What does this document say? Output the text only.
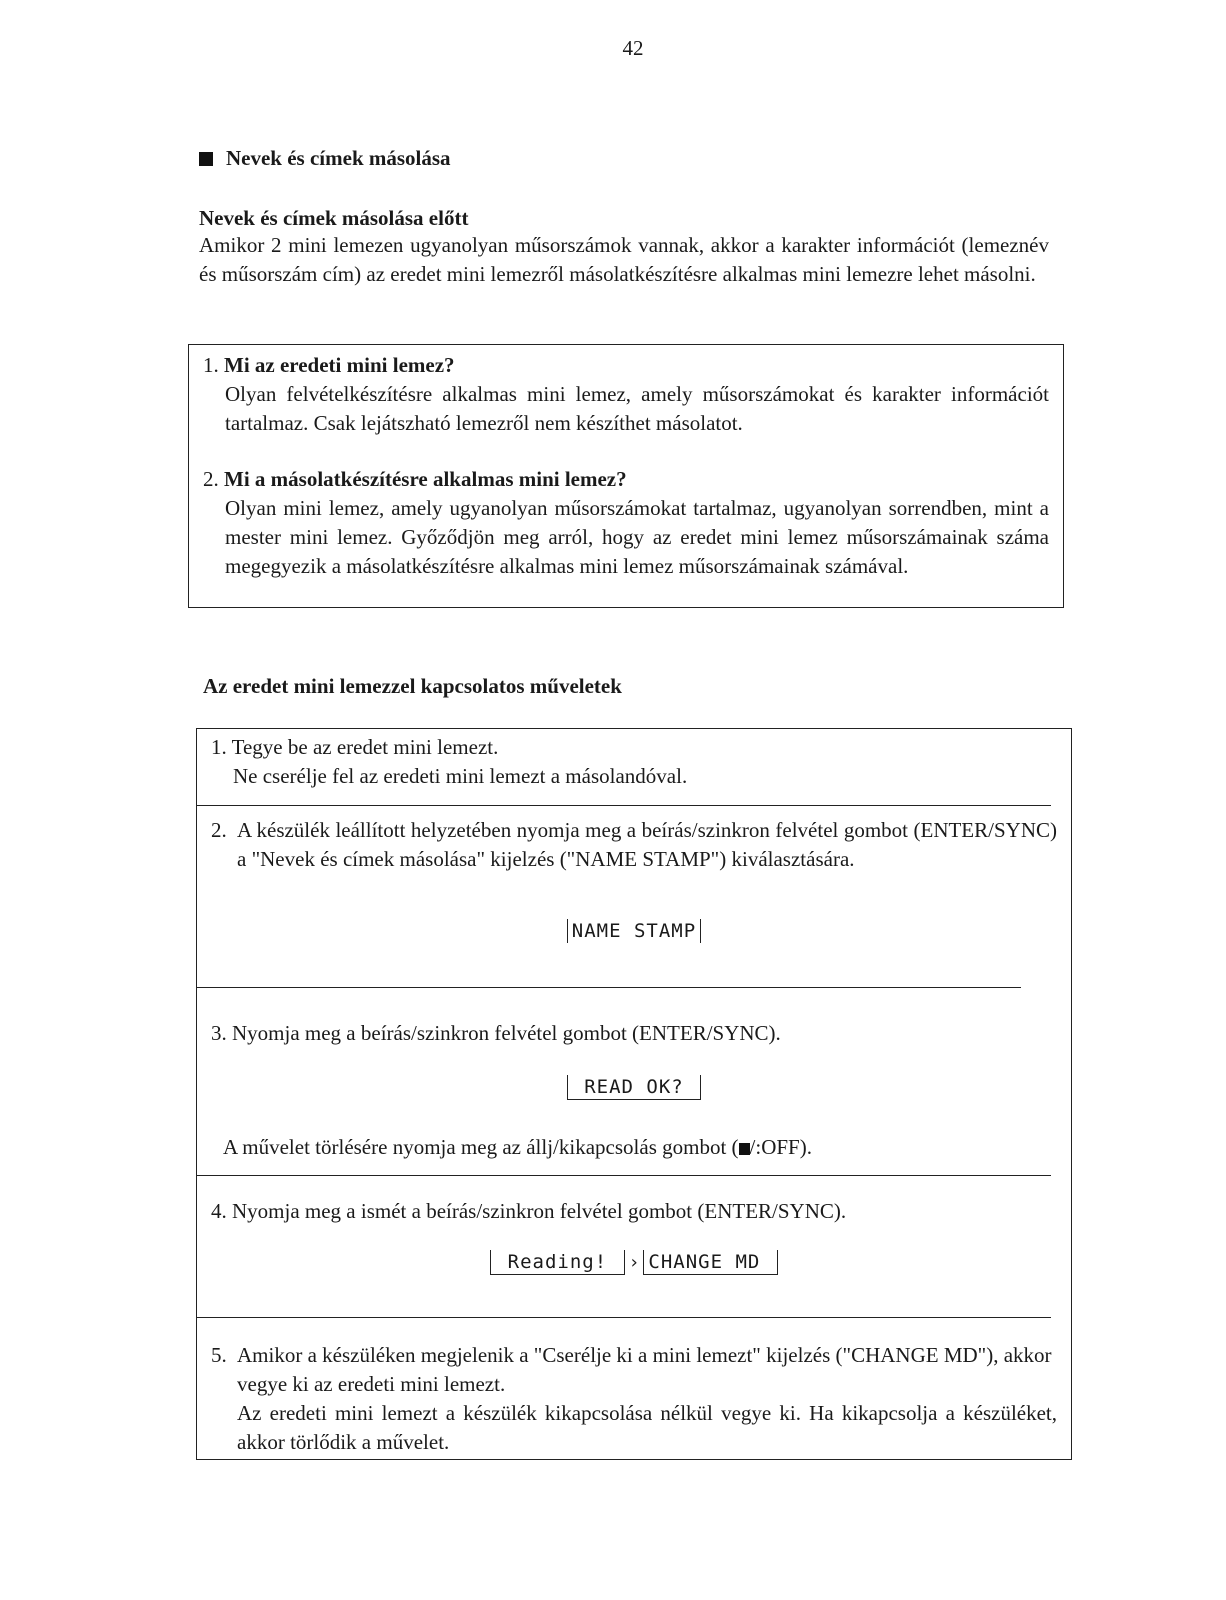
42
Nevek és címek másolása
Nevek és címek másolása előtt
Amikor 2 mini lemezen ugyanolyan műsorszámok vannak, akkor a karakter információt (lemeznév és műsorszám cím) az eredet mini lemezről másolatkészítésre alkalmas mini lemezre lehet másolni.
1. Mi az eredeti mini lemez?
Olyan felvételkészítésre alkalmas mini lemez, amely műsorszámokat és karakter információt tartalmaz. Csak lejátszható lemezről nem készíthet másolatot.
2. Mi a másolatkészítésre alkalmas mini lemez?
Olyan mini lemez, amely ugyanolyan műsorszámokat tartalmaz, ugyanolyan sorrendben, mint a mester mini lemez. Győződjön meg arról, hogy az eredet mini lemez műsorszámainak száma megegyezik a másolatkészítésre alkalmas mini lemez műsorszámainak számával.
Az eredet mini lemezzel kapcsolatos műveletek
1. Tegye be az eredet mini lemezt.
Ne cserélje fel az eredeti mini lemezt a másolandóval.
2. A készülék leállított helyzetében nyomja meg a beírás/szinkron felvétel gombot (ENTER/SYNC) a "Nevek és címek másolása" kijelzés ("NAME STAMP") kiválasztására.
NAME STAMP
3. Nyomja meg a beírás/szinkron felvétel gombot (ENTER/SYNC).
READ OK?
A művelet törlésére nyomja meg az állj/kikapcsolás gombot ( /:OFF).
4. Nyomja meg a ismét a beírás/szinkron felvétel gombot (ENTER/SYNC).
Reading! › CHANGE MD
5. Amikor a készüléken megjelenik a "Cserélje ki a mini lemezt" kijelzés ("CHANGE MD"), akkor vegye ki az eredeti mini lemezt.
Az eredeti mini lemezt a készülék kikapcsolása nélkül vegye ki. Ha kikapcsolja a készüléket, akkor törlődik a művelet.
